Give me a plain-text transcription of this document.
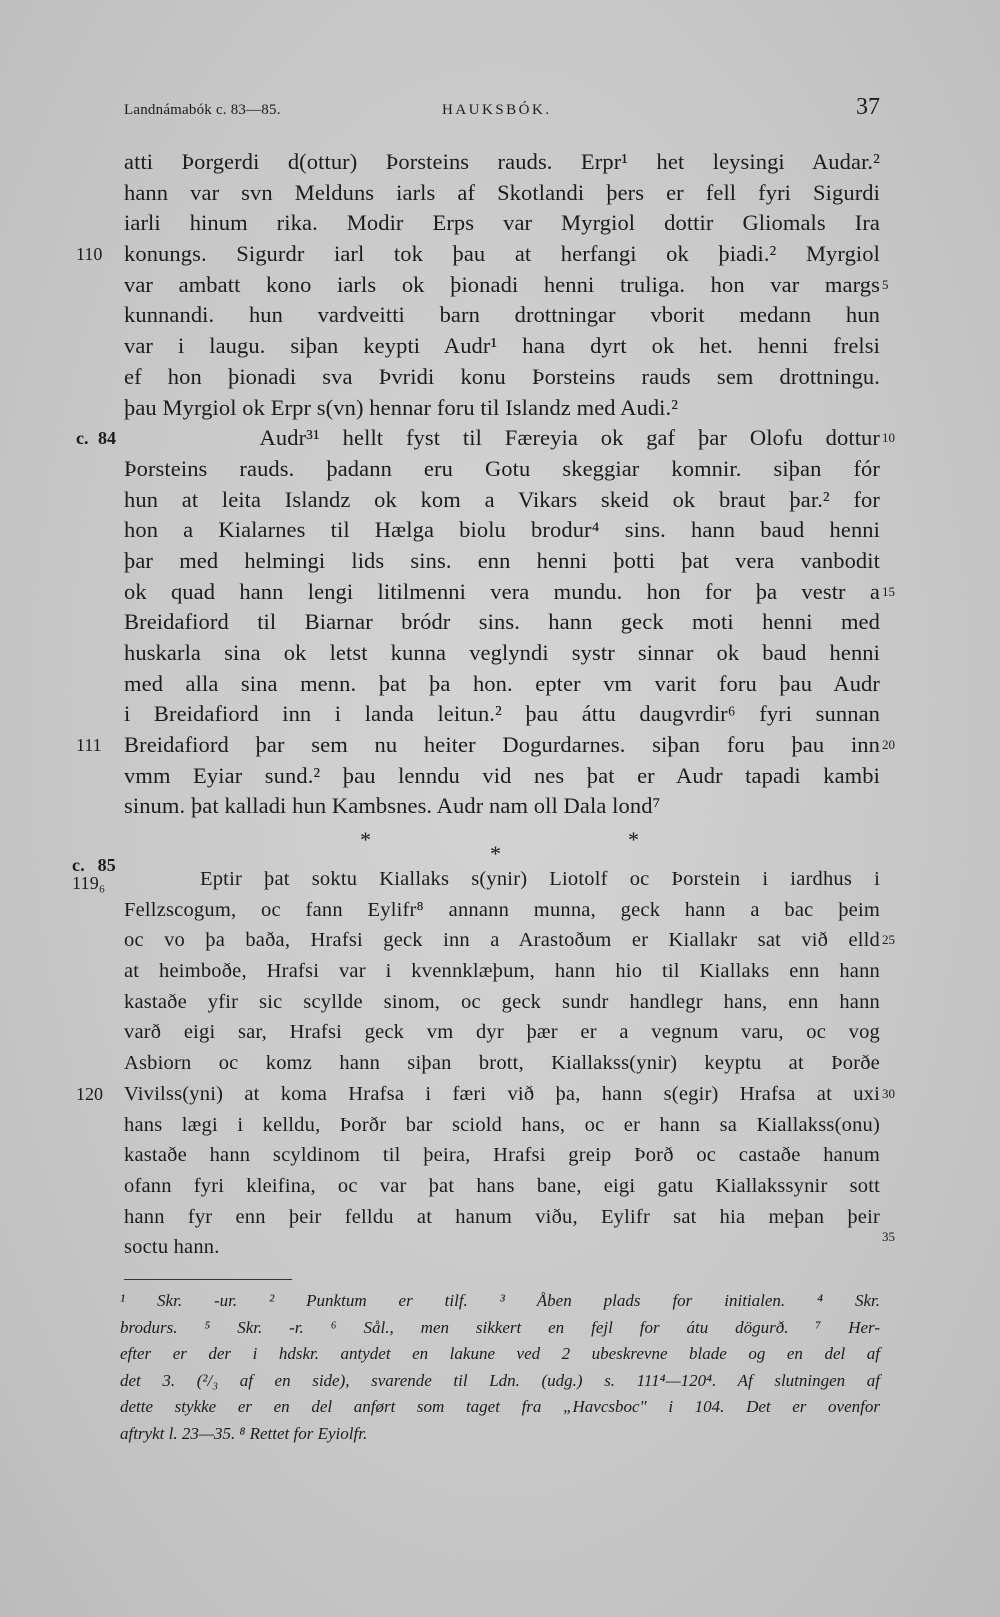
Landnámabók c. 83—85.	HAUKSBÓK.	37
atti Þorgerdi d(ottur) Þorsteins rauds. Erpr¹ het leysingi Audar.²
hann var svn Melduns iarls af Skotlandi þers er fell fyri Sigurdi
iarli hinum rika. Modir Erps var Myrgiol dottir Gliomals Ira
110 konungs. Sigurdr iarl tok þau at herfangi ok þiadi.² Myrgiol
var ambatt kono iarls ok þionadi henni truliga. hon var margs 5
kunnandi. hun vardveitti barn drottningar vborit medann hun
var i laugu. siþan keypti Audr¹ hana dyrt ok het. henni frelsi
ef hon þionadi sva Þvridi konu Þorsteins rauds sem drottningu.
þau Myrgiol ok Erpr s(vn) hennar foru til Islandz med Audi.²
c. 84 Audr³¹ hellt fyst til Færeyia ok gaf þar Olofu dottur 10
Þorsteins rauds. þadann eru Gotu skeggiar komnir. siþan fór
hun at leita Islandz ok kom a Vikars skeid ok braut þar.² for
hon a Kialarnes til Hælga biolu brodur⁴ sins. hann baud henni
þar med helmingi lids sins. enn henni þotti þat vera vanbodit
ok quad hann lengi litilmenni vera mundu. hon for þa vestr a 15
Breidafiord til Biarnar bródr sins. hann geck moti henni med
huskarla sina ok letst kunna veglyndi systr sinnar ok baud henni
med alla sina menn. þat þa hon. epter vm varit foru þau Audr
i Breidafiord inn i landa leitun.² þau áttu daugvrdir⁶ fyri sunnan
111 Breidafiord þar sem nu heiter Dogurdarnes. siþan foru þau inn 20
vmm Eyiar sund.² þau lenndu vid nes þat er Audr tapadi kambi
sinum. þat kalladi hun Kambsnes. Audr nam oll Dala lond⁷
*
*
*
c. 85
119₆	Eptir þat soktu Kiallaks s(ynir) Liotolf oc Þorstein i iardhus i
Fellzscogum, oc fann Eylifr⁸ annann munna, geck hann a bac þeim
oc vo þa baðа, Hrafsi geck inn a Arastoðum er Kiallakr sat við elld 25
at heimboðe, Hrafsi var i kvennklæþum, hann hio til Kiallaks enn hann
kastaðe yfir sic scyllde sinom, oc geck sundr handlegr hans, enn hann
varð eigi sar, Hrafsi geck vm dyr þær er a vegnum varu, oc vog
Asbiorn oc komz hann siþan brott, Kiallakss(ynir) keyptu at Þorðe
120	Vivilss(yni) at koma Hrafsa i færi við þa, hann s(egir) Hrafsa at uxi 30
hans lægi i kelldu, Þorðr bar sciold hans, oc er hann sa Kiallakss(onu)
kastaðe hann scyldinom til þeira, Hrafsi greip Þorð oc castaðe hanum
ofann fyri kleifina, oc var þat hans bane, eigi gatu Kiallakssynir sott
hann fyr enn þeir felldu at hanum viðu, Eylifr sat hia meþan þeir
soctu hann.	35
¹ Skr. -ur. ² Punktum er tilf. ³ Åben plads for initialen. ⁴ Skr.
brodurs. ⁵ Skr. -r. ⁶ Sål., men sikkert en fejl for átu dögurð. ⁷ Her-
efter er der i hdskr. antydet en lakune ved 2 ubeskrevne blade og en del af
det 3. (²/₃ af en side), svarende til Ldn. (udg.) s. 111⁴—120⁴. Af slutningen af
dette stykke er en del anført som taget fra „Havcsboc" i 104. Det er ovenfor
aftrykt l. 23—35. ⁸ Rettet for Eyiolfr.
